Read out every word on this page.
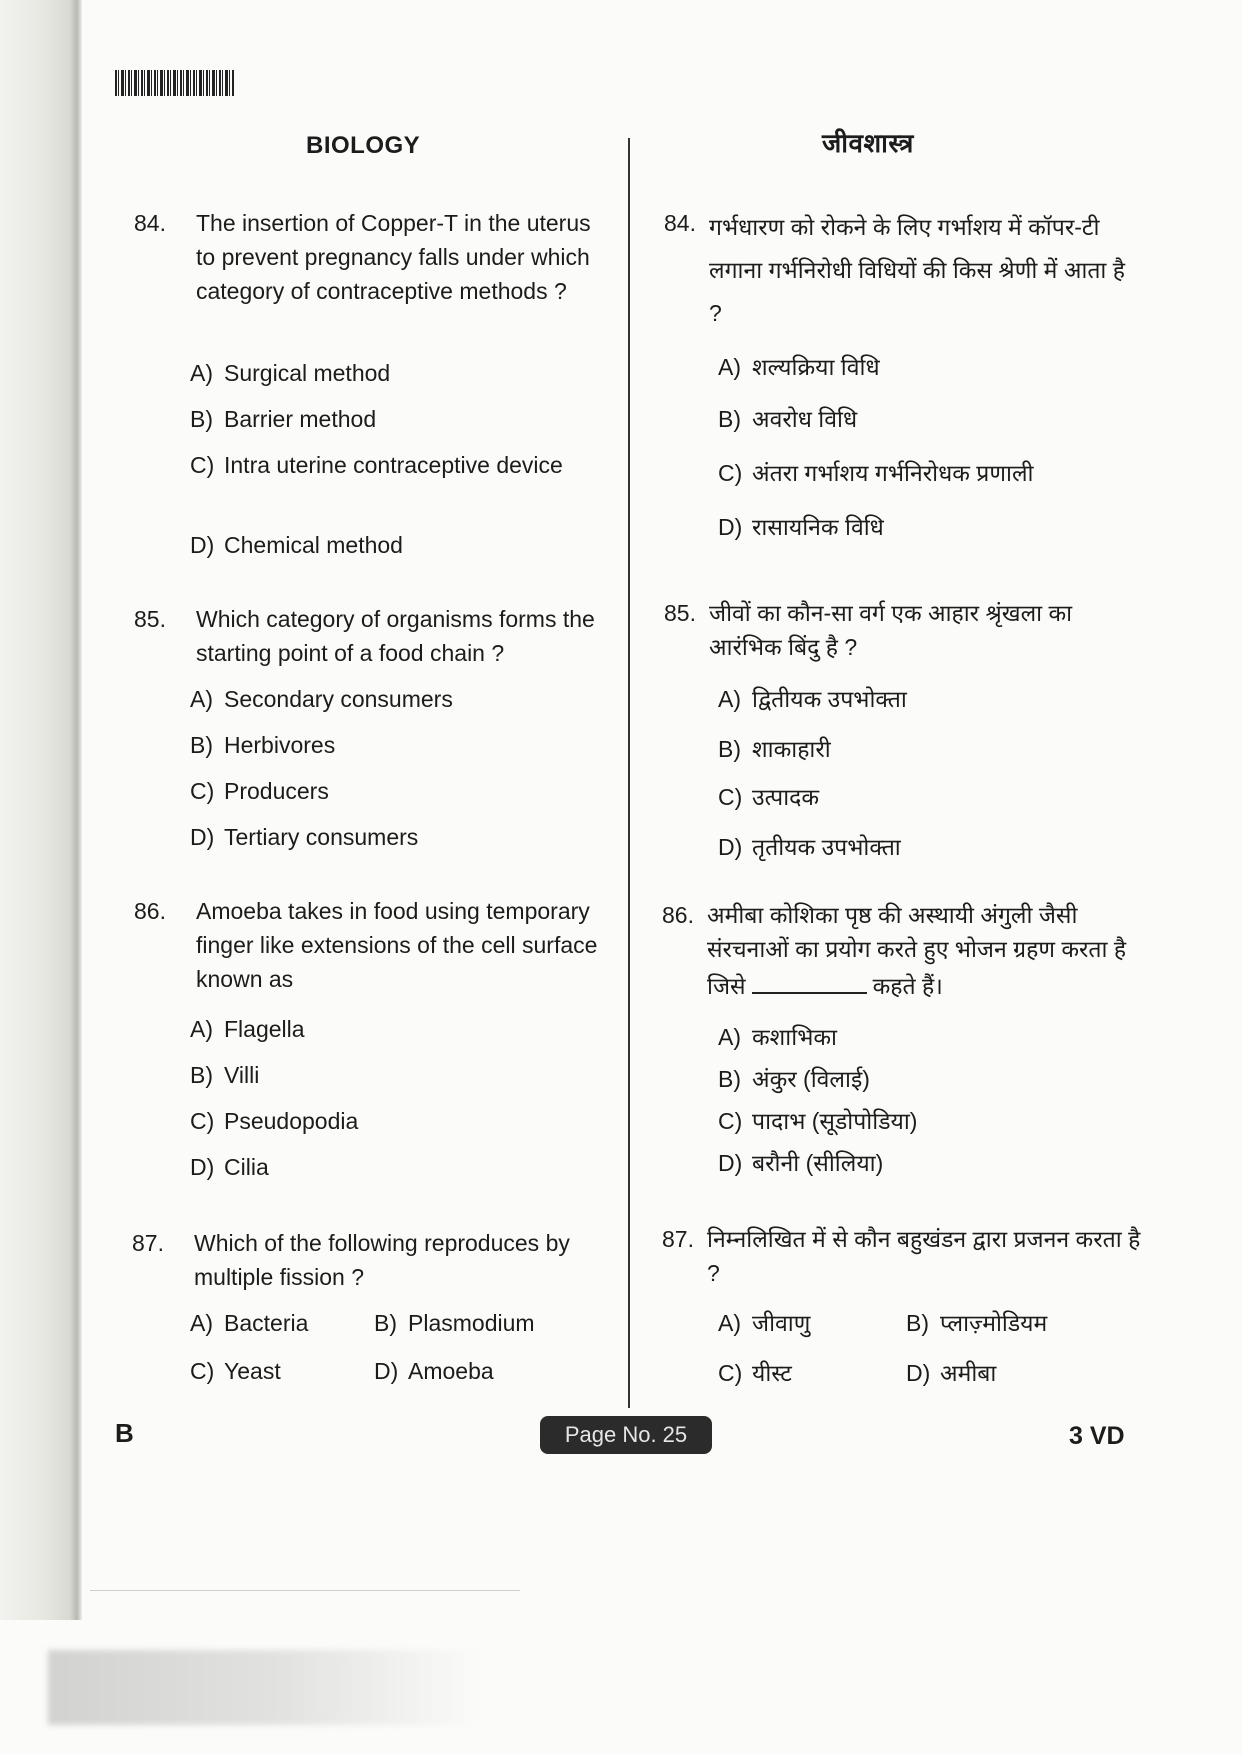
BIOLOGY
84. The insertion of Copper-T in the uterus to prevent pregnancy falls under which category of contraceptive methods ?
A) Surgical method
B) Barrier method
C) Intra uterine contraceptive device
D) Chemical method
85. Which category of organisms forms the starting point of a food chain ?
A) Secondary consumers
B) Herbivores
C) Producers
D) Tertiary consumers
86. Amoeba takes in food using temporary finger like extensions of the cell surface known as
A) Flagella
B) Villi
C) Pseudopodia
D) Cilia
87. Which of the following reproduces by multiple fission ?
A) Bacteria	B) Plasmodium
C) Yeast	D) Amoeba
जीवशास्त्र
84. गर्भधारण को रोकने के लिए गर्भाशय में कॉपर-टी लगाना गर्भनिरोधी विधियों की किस श्रेणी में आता है ?
A) शल्यक्रिया विधि
B) अवरोध विधि
C) अंतरा गर्भाशय गर्भनिरोधक प्रणाली
D) रासायनिक विधि
85. जीवों का कौन-सा वर्ग एक आहार श्रृंखला का आरंभिक बिंदु है ?
A) द्वितीयक उपभोक्ता
B) शाकाहारी
C) उत्पादक
D) तृतीयक उपभोक्ता
86. अमीबा कोशिका पृष्ठ की अस्थायी अंगुली जैसी संरचनाओं का प्रयोग करते हुए भोजन ग्रहण करता है जिसे	कहते हैं।
A) कशाभिका
B) अंकुर (विलाई)
C) पादाभ (सूडोपोडिया)
D) बरौनी (सीलिया)
87. निम्नलिखित में से कौन बहुखंडन द्वारा प्रजनन करता है ?
A) जीवाणु	B) प्लाज़्मोडियम
C) यीस्ट	D) अमीबा
B	Page No. 25	3 VD
